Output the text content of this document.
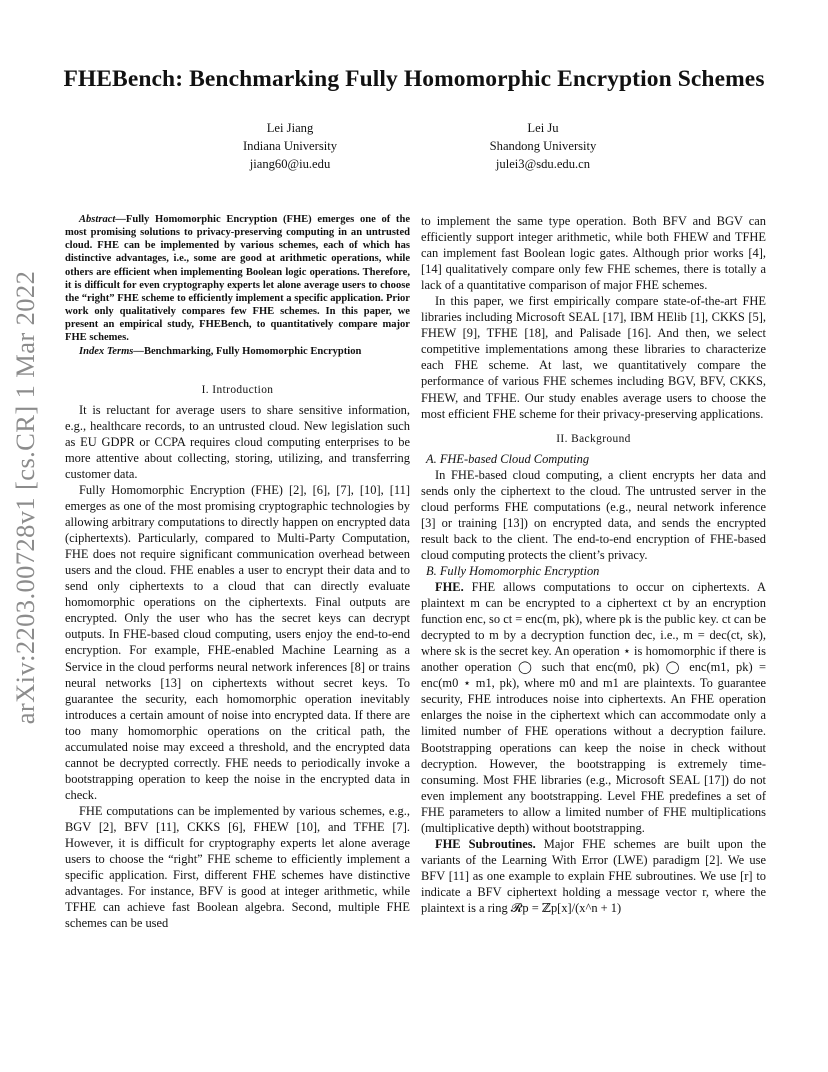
arXiv:2203.00728v1 [cs.CR] 1 Mar 2022
FHEBench: Benchmarking Fully Homomorphic Encryption Schemes
Lei Jiang
Indiana University
jiang60@iu.edu
Lei Ju
Shandong University
julei3@sdu.edu.cn

Abstract—Fully Homomorphic Encryption (FHE) emerges one of the most promising solutions to privacy-preserving computing in an untrusted cloud. FHE can be implemented by various schemes, each of which has distinctive advantages, i.e., some are good at arithmetic operations, while others are efficient when implementing Boolean logic operations. Therefore, it is difficult for even cryptography experts let alone average users to choose the “right” FHE scheme to efficiently implement a specific application. Prior work only qualitatively compares few FHE schemes. In this paper, we present an empirical study, FHEBench, to quantitatively compare major FHE schemes.

Index Terms—Benchmarking, Fully Homomorphic Encryption

I. Introduction

It is reluctant for average users to share sensitive information, e.g., healthcare records, to an untrusted cloud. New legislation such as EU GDPR or CCPA requires cloud computing enterprises to be more attentive about collecting, storing, utilizing, and transferring customer data.

Fully Homomorphic Encryption (FHE) [2], [6], [7], [10], [11] emerges as one of the most promising cryptographic technologies by allowing arbitrary computations to directly happen on encrypted data (ciphertexts). Particularly, compared to Multi-Party Computation, FHE does not require significant communication overhead between users and the cloud. FHE enables a user to encrypt their data and to send only ciphertexts to a cloud that can directly evaluate homomorphic operations on the ciphertexts. Final outputs are encrypted. Only the user who has the secret keys can decrypt outputs. In FHE-based cloud computing, users enjoy the end-to-end encryption. For example, FHE-enabled Machine Learning as a Service in the cloud performs neural network inferences [8] or trains neural networks [13] on ciphertexts without secret keys. To guarantee the security, each homomorphic operation inevitably introduces a certain amount of noise into encrypted data. If there are too many homomorphic operations on the critical path, the accumulated noise may exceed a threshold, and the encrypted data cannot be decrypted correctly. FHE needs to periodically invoke a bootstrapping operation to keep the noise in the encrypted data in check.

FHE computations can be implemented by various schemes, e.g., BGV [2], BFV [11], CKKS [6], FHEW [10], and TFHE [7]. However, it is difficult for cryptography experts let alone average users to choose the “right” FHE scheme to efficiently implement a specific application. First, different FHE schemes have distinctive advantages. For instance, BFV is good at integer arithmetic, while TFHE can achieve fast Boolean algebra. Second, multiple FHE schemes can be used

to implement the same type operation. Both BFV and BGV can efficiently support integer arithmetic, while both FHEW and TFHE can implement fast Boolean logic gates. Although prior works [4], [14] qualitatively compare only few FHE schemes, there is totally a lack of a quantitative comparison of major FHE schemes.

In this paper, we first empirically compare state-of-the-art FHE libraries including Microsoft SEAL [17], IBM HElib [1], CKKS [5], FHEW [9], TFHE [18], and Palisade [16]. And then, we select competitive implementations among these libraries to characterize each FHE scheme. At last, we quantitatively compare the performance of various FHE schemes including BGV, BFV, CKKS, FHEW, and TFHE. Our study enables average users to choose the most efficient FHE scheme for their privacy-preserving applications.

II. Background
A. FHE-based Cloud Computing

In FHE-based cloud computing, a client encrypts her data and sends only the ciphertext to the cloud. The untrusted server in the cloud performs FHE computations (e.g., neural network inference [3] or training [13]) on encrypted data, and sends the encrypted result back to the client. The end-to-end encryption of FHE-based cloud computing protects the client’s privacy.

B. Fully Homomorphic Encryption

FHE. FHE allows computations to occur on ciphertexts. A plaintext m can be encrypted to a ciphertext ct by an encryption function enc, so ct = enc(m, pk), where pk is the public key. ct can be decrypted to m by a decryption function dec, i.e., m = dec(ct, sk), where sk is the secret key. An operation ⋆ is homomorphic if there is another operation ◯ such that enc(m0, pk) ◯ enc(m1, pk) = enc(m0 ⋆ m1, pk), where m0 and m1 are plaintexts. To guarantee security, FHE introduces noise into ciphertexts. An FHE operation enlarges the noise in the ciphertext which can accommodate only a limited number of FHE operations without a decryption failure. Bootstrapping operations can keep the noise in check without decryption. However, the bootstrapping is extremely time-consuming. Most FHE libraries (e.g., Microsoft SEAL [17]) do not even implement any bootstrapping. Level FHE predefines a set of FHE parameters to allow a limited number of FHE multiplications (multiplicative depth) without bootstrapping.

FHE Subroutines. Major FHE schemes are built upon the variants of the Learning With Error (LWE) paradigm [2]. We use BFV [11] as one example to explain FHE subroutines. We use [r] to indicate a BFV ciphertext holding a message vector r, where the plaintext is a ring 𝓡p = ℤp[x]/(x^n + 1)
